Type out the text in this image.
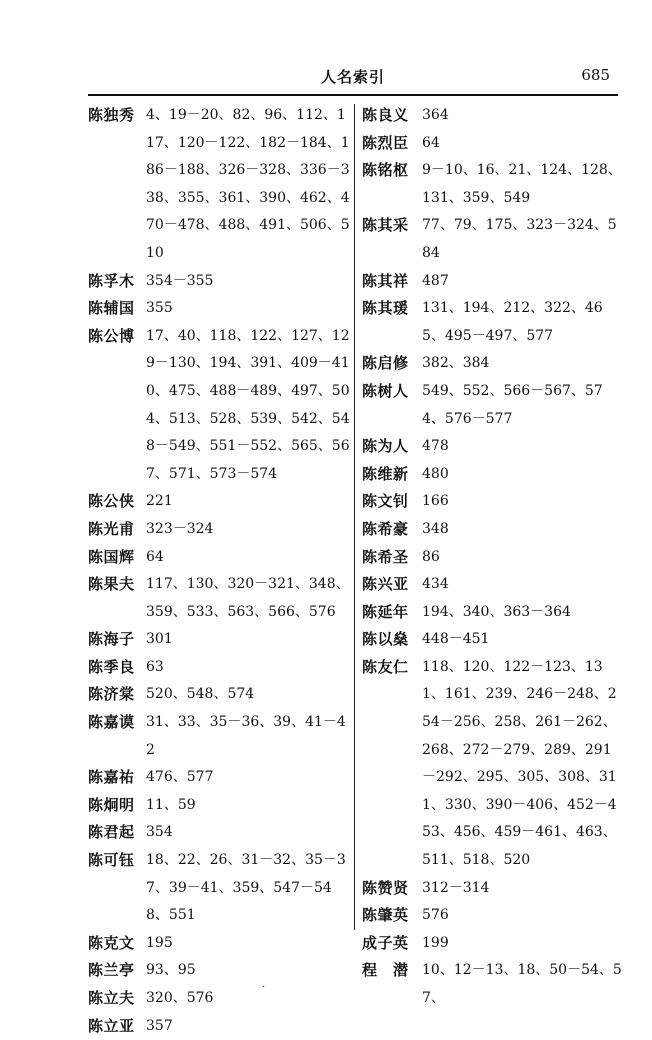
人名索引	685
陈独秀 4、19－20、82、96、112、117、120－122、182－184、186－188、326－328、336－338、355、361、390、462、470－478、488、491、506、510
陈孚木 354－355
陈辅国 355
陈公博 17、40、118、122、127、129－130、194、391、409－410、475、488－489、497、504、513、528、539、542、548－549、551－552、565、567、571、573－574
陈公侠 221
陈光甫 323－324
陈国辉 64
陈果夫 117、130、320－321、348、359、533、563、566、576
陈海子 301
陈季良 63
陈济棠 520、548、574
陈嘉谟 31、33、35－36、39、41－42
陈嘉祐 476、577
陈炯明 11、59
陈君起 354
陈可钰 18、22、26、31－32、35－37、39－41、359、547－548、551
陈克文 195
陈兰亭 93、95
陈立夫 320、576
陈立亚 357
陈良义 364
陈烈臣 64
陈铭枢 9－10、16、21、124、128、131、359、549
陈其采 77、79、175、323－324、584
陈其祥 487
陈其瑗 131、194、212、322、465、495－497、577
陈启修 382、384
陈树人 549、552、566－567、574、576－577
陈为人 478
陈维新 480
陈文钊 166
陈希豪 348
陈希圣 86
陈兴亚 434
陈延年 194、340、363－364
陈以燊 448－451
陈友仁 118、120、122－123、131、161、239、246－248、254－256、258、261－262、268、272－279、289、291－292、295、305、308、311、330、390－406、452－453、456、459－461、463、511、518、520
陈赞贤 312－314
陈肇英 576
成子英 199
程　潜 10、12－13、18、50－54、57、
·
